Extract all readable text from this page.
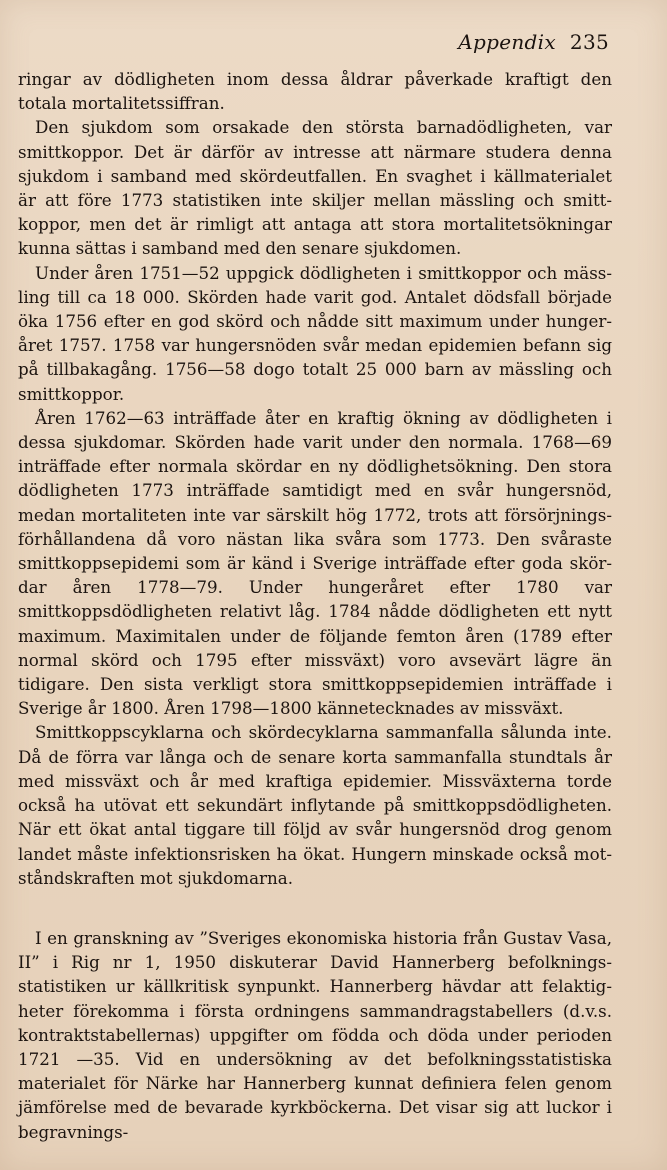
Appendix 235

ringar av dödligheten inom dessa åldrar påverkade kraftigt den totala mortalitetssiffran.

Den sjukdom som orsakade den största barnadödligheten, var smittkoppor. Det är därför av intresse att närmare studera denna sjukdom i samband med skördeutfallen. En svaghet i källmaterialet är att före 1773 statistiken inte skiljer mellan mässling och smittkoppor, men det är rimligt att antaga att stora mortalitetsökningar kunna sättas i samband med den senare sjukdomen.

Under åren 1751—52 uppgick dödligheten i smittkoppor och mässling till ca 18 000. Skörden hade varit god. Antalet dödsfall började öka 1756 efter en god skörd och nådde sitt maximum under hungeråret 1757. 1758 var hungersnöden svår medan epidemien befann sig på tillbakagång. 1756—58 dogo totalt 25 000 barn av mässling och smittkoppor.

Åren 1762—63 inträffade åter en kraftig ökning av dödligheten i dessa sjukdomar. Skörden hade varit under den normala. 1768—69 inträffade efter normala skördar en ny dödlighetsökning. Den stora dödligheten 1773 inträffade samtidigt med en svår hungersnöd, medan mortaliteten inte var särskilt hög 1772, trots att försörjningsförhållandena då voro nästan lika svåra som 1773. Den svåraste smittkoppsepidemi som är känd i Sverige inträffade efter goda skördar åren 1778—79. Under hungeråret efter 1780 var smittkoppsdödligheten relativt låg. 1784 nådde dödligheten ett nytt maximum. Maximitalen under de följande femton åren (1789 efter normal skörd och 1795 efter missväxt) voro avsevärt lägre än tidigare. Den sista verkligt stora smittkoppsepidemien inträffade i Sverige år 1800. Åren 1798—1800 kännetecknades av missväxt.

Smittkoppscyklarna och skördecyklarna sammanfalla sålunda inte. Då de förra var långa och de senare korta sammanfalla stundtals år med missväxt och år med kraftiga epidemier. Missväxterna torde också ha utövat ett sekundärt inflytande på smittkoppsdödligheten. När ett ökat antal tiggare till följd av svår hungersnöd drog genom landet måste infektionsrisken ha ökat. Hungern minskade också motståndskraften mot sjukdomarna.

I en granskning av ”Sveriges ekonomiska historia från Gustav Vasa, II” i Rig nr 1, 1950 diskuterar David Hannerberg befolkningsstatistiken ur källkritisk synpunkt. Hannerberg hävdar att felaktigheter förekomma i första ordningens sammandragstabellers (d.v.s. kontraktstabellernas) uppgifter om födda och döda under perioden 1721 —35. Vid en undersökning av det befolkningsstatistiska materialet för Närke har Hannerberg kunnat definiera felen genom jämförelse med de bevarade kyrkböckerna. Det visar sig att luckor i begravnings-
